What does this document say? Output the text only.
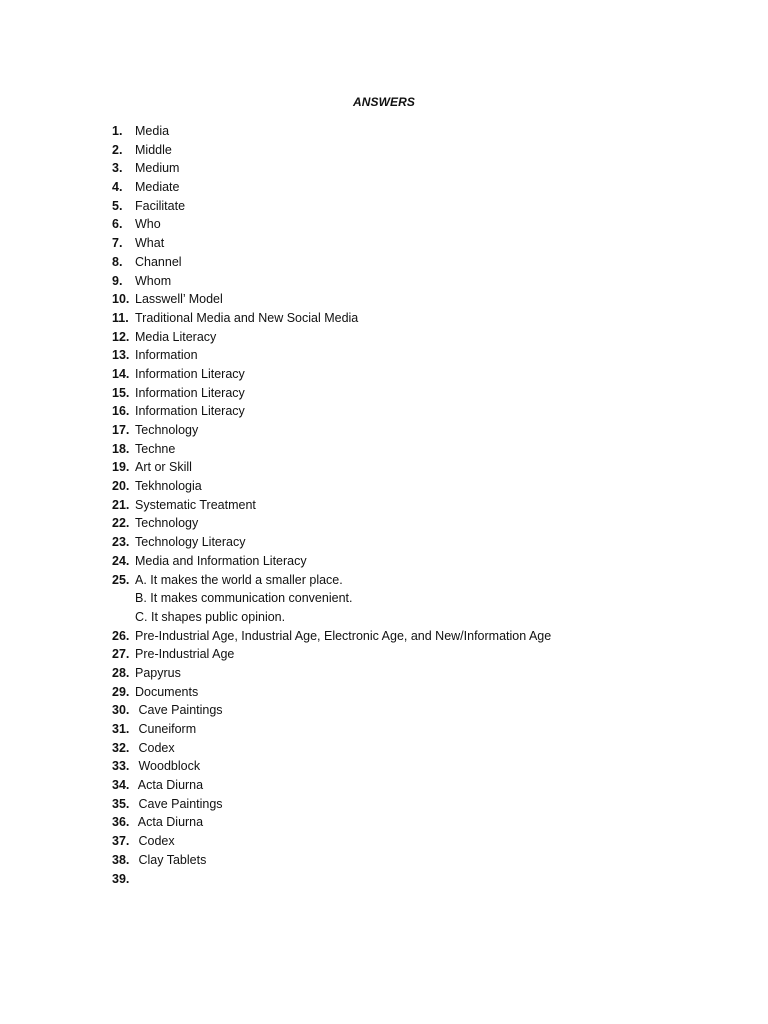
ANSWERS
1.	Media
2.	Middle
3.	Medium
4.	Mediate
5.	Facilitate
6.	Who
7.	What
8.	Channel
9.	Whom
10. Lasswell’ Model
11. Traditional Media and New Social Media
12. Media Literacy
13. Information
14. Information Literacy
15. Information Literacy
16. Information Literacy
17. Technology
18. Techne
19. Art or Skill
20. Tekhnologia
21. Systematic Treatment
22. Technology
23. Technology Literacy
24. Media and Information Literacy
25. A. It makes the world a smaller place.
B. It makes communication convenient.
C. It shapes public opinion.
26. Pre-Industrial Age, Industrial Age, Electronic Age, and New/Information Age
27. Pre-Industrial Age
28. Papyrus
29. Documents
30. Cave Paintings
31. Cuneiform
32. Codex
33. Woodblock
34. Acta Diurna
35. Cave Paintings
36. Acta Diurna
37. Codex
38. Clay Tablets
39.
